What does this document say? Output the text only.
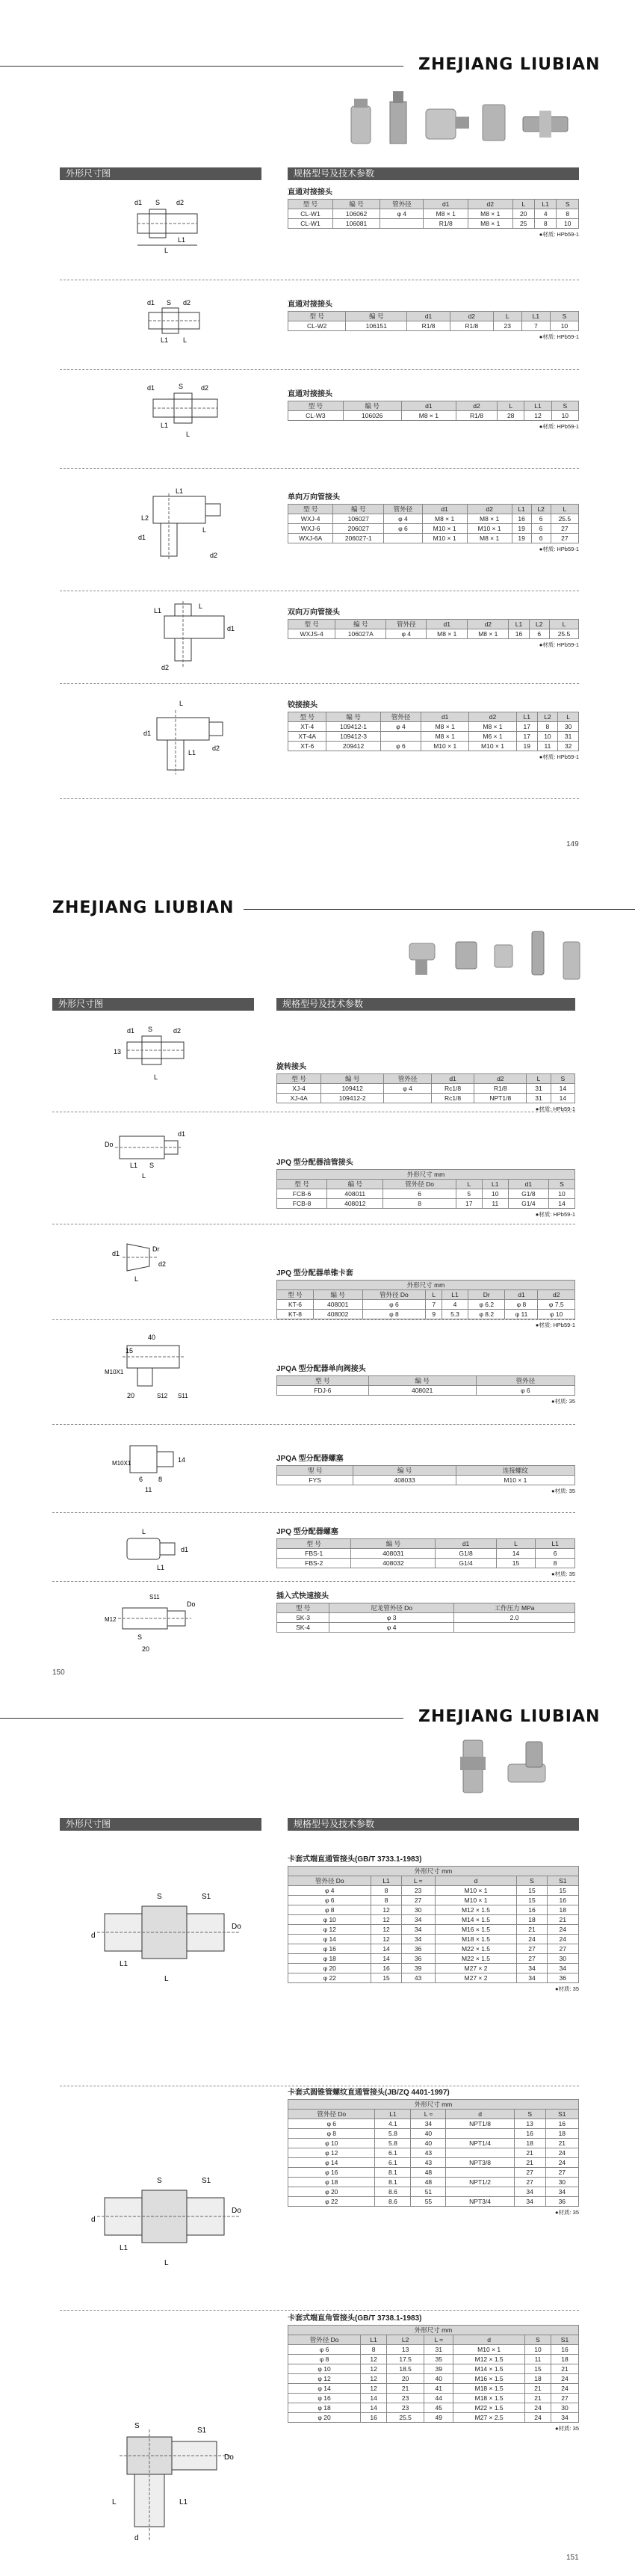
ZHEJIANG LIUBIAN
外形尺寸图	规格型号及技术参数
d1 S d2
L
L1
d1 S d2
L1 L
d1	S	d2
L1
L
L1
L
d1
d2
L2
L1
L
d1
d2
L
d1
L1
d2
149
ZHEJIANG LIUBIAN
外形尺寸图	规格型号及技术参数
d1 S	d2
13
L
Do
d1
L1 S
L
d1
Dr
d2
L
40
15
M10X1
20	S12 S11
M10X1	14
6 8
11
d1
L1
L
S11
M12
Do
S
20
150
ZHEJIANG LIUBIAN
外形尺寸图	规格型号及技术参数
d
S	S1
Do
L1
L
d
S	S1
Do
L1
L
S
S1
L	L1
d
Do
151
直通对接接头
型 号	编 号	管外径	d1	d2	L	L1	S
CL-W1	106062	φ 4	M8 × 1	M8 × 1	20	4	8
CL-W1	106081		R1/8	M8 × 1	25	8	10
●材质: HPb59-1
直通对接接头
型 号	编 号	d1	d2	L	L1	S
CL-W2	106151	R1/8	R1/8	23	7	10
●材质: HPb59-1
直通对接接头
型 号	编 号	d1	d2	L	L1	S
CL-W3	106026	M8 × 1	R1/8	28	12	10
●材质: HPb59-1
单向万向管接头
型 号	编 号	管外径	d1	d2	L1	L2	L
WXJ-4	106027	φ 4	M8 × 1	M8 × 1	16	6	25.5
WXJ-6	206027	φ 6	M10 × 1	M10 × 1	19	6	27
WXJ-6A	206027-1		M10 × 1	M8 × 1	19	6	27
●材质: HPb59-1
双向万向管接头
型 号	编 号	管外径	d1	d2	L1	L2	L
WXJS-4	106027A	φ 4	M8 × 1	M8 × 1	16	6	25.5
●材质: HPb59-1
铰接接头
型 号	编 号	管外径	d1	d2	L1	L2	L
XT-4	109412-1	φ 4	M8 × 1	M8 × 1	17	8	30
XT-4A	109412-3		M8 × 1	M6 × 1	17	10	31
XT-6	209412	φ 6	M10 × 1	M10 × 1	19	11	32
●材质: HPb59-1
旋转接头
型 号	编 号	管外径	d1	d2	L	S
XJ-4	109412	φ 4	Rc1/8	R1/8	31	14
XJ-4A	109412-2		Rc1/8	NPT1/8	31	14
●材质: HPb59-1
JPQ 型分配器油管接头
外形尺寸 mm						
型 号	编 号	管外径 Do	L	L1	d1	S
FCB-6	408011	6	5	10	G1/8	10
FCB-8	408012	8	17	11	G1/4	14
●材质: HPb59-1
JPQ 型分配器单锥卡套
外形尺寸 mm							
型 号	编 号	管外径 Do	L	L1	Dr	d1	d2
KT-6	408001	φ 6	7	4	φ 6.2	φ 8	φ 7.5
KT-8	408002	φ 8	9	5.3	φ 8.2	φ 11	φ 10
●材质: HPb59-1
JPQA 型分配器单向阀接头
型 号	编 号	管外径
FDJ-6	408021	φ 6
●材质: 35
JPQA 型分配器螺塞
型 号	编 号	连接螺纹
FYS	408033	M10 × 1
●材质: 35
JPQ 型分配器螺塞
型 号	编 号	d1	L	L1
FBS-1	408031	G1/8	14	6
FBS-2	408032	G1/4	15	8
●材质: 35
插入式快速接头
型 号	尼龙管外径 Do	工作压力 MPa
SK-3	φ 3	2.0
SK-4	φ 4	
卡套式端直通管接头(GB/T 3733.1-1983)
外形尺寸 mm					
管外径 Do	L1	L ≈	d	S	S1
φ 4	8	23	M10 × 1	15	15
φ 6	8	27	M10 × 1	15	16
φ 8	12	30	M12 × 1.5	16	18
φ 10	12	34	M14 × 1.5	18	21
φ 12	12	34	M16 × 1.5	21	24
φ 14	12	34	M18 × 1.5	24	24
φ 16	14	36	M22 × 1.5	27	27
φ 18	14	36	M22 × 1.5	27	30
φ 20	16	39	M27 × 2	34	34
φ 22	15	43	M27 × 2	34	36
●材质: 35
卡套式圆锥管螺纹直通管接头(JB/ZQ 4401-1997)
外形尺寸 mm					
管外径 Do	L1	L ≈	d	S	S1
φ 6	4.1	34	NPT1/8	13	16
φ 8	5.8	40		16	18
φ 10	5.8	40	NPT1/4	18	21
φ 12	6.1	43		21	24
φ 14	6.1	43	NPT3/8	21	24
φ 16	8.1	48		27	27
φ 18	8.1	48	NPT1/2	27	30
φ 20	8.6	51		34	34
φ 22	8.6	55	NPT3/4	34	36
●材质: 35
卡套式端直角管接头(GB/T 3738.1-1983)
外形尺寸 mm						
管外径 Do	L1	L2	L ≈	d	S	S1
φ 6	8	13	31	M10 × 1	10	16
φ 8	12	17.5	35	M12 × 1.5	11	18
φ 10	12	18.5	39	M14 × 1.5	15	21
φ 12	12	20	40	M16 × 1.5	18	24
φ 14	12	21	41	M18 × 1.5	21	24
φ 16	14	23	44	M18 × 1.5	21	27
φ 18	14	23	45	M22 × 1.5	24	30
φ 20	16	25.5	49	M27 × 2.5	24	34
●材质: 35
